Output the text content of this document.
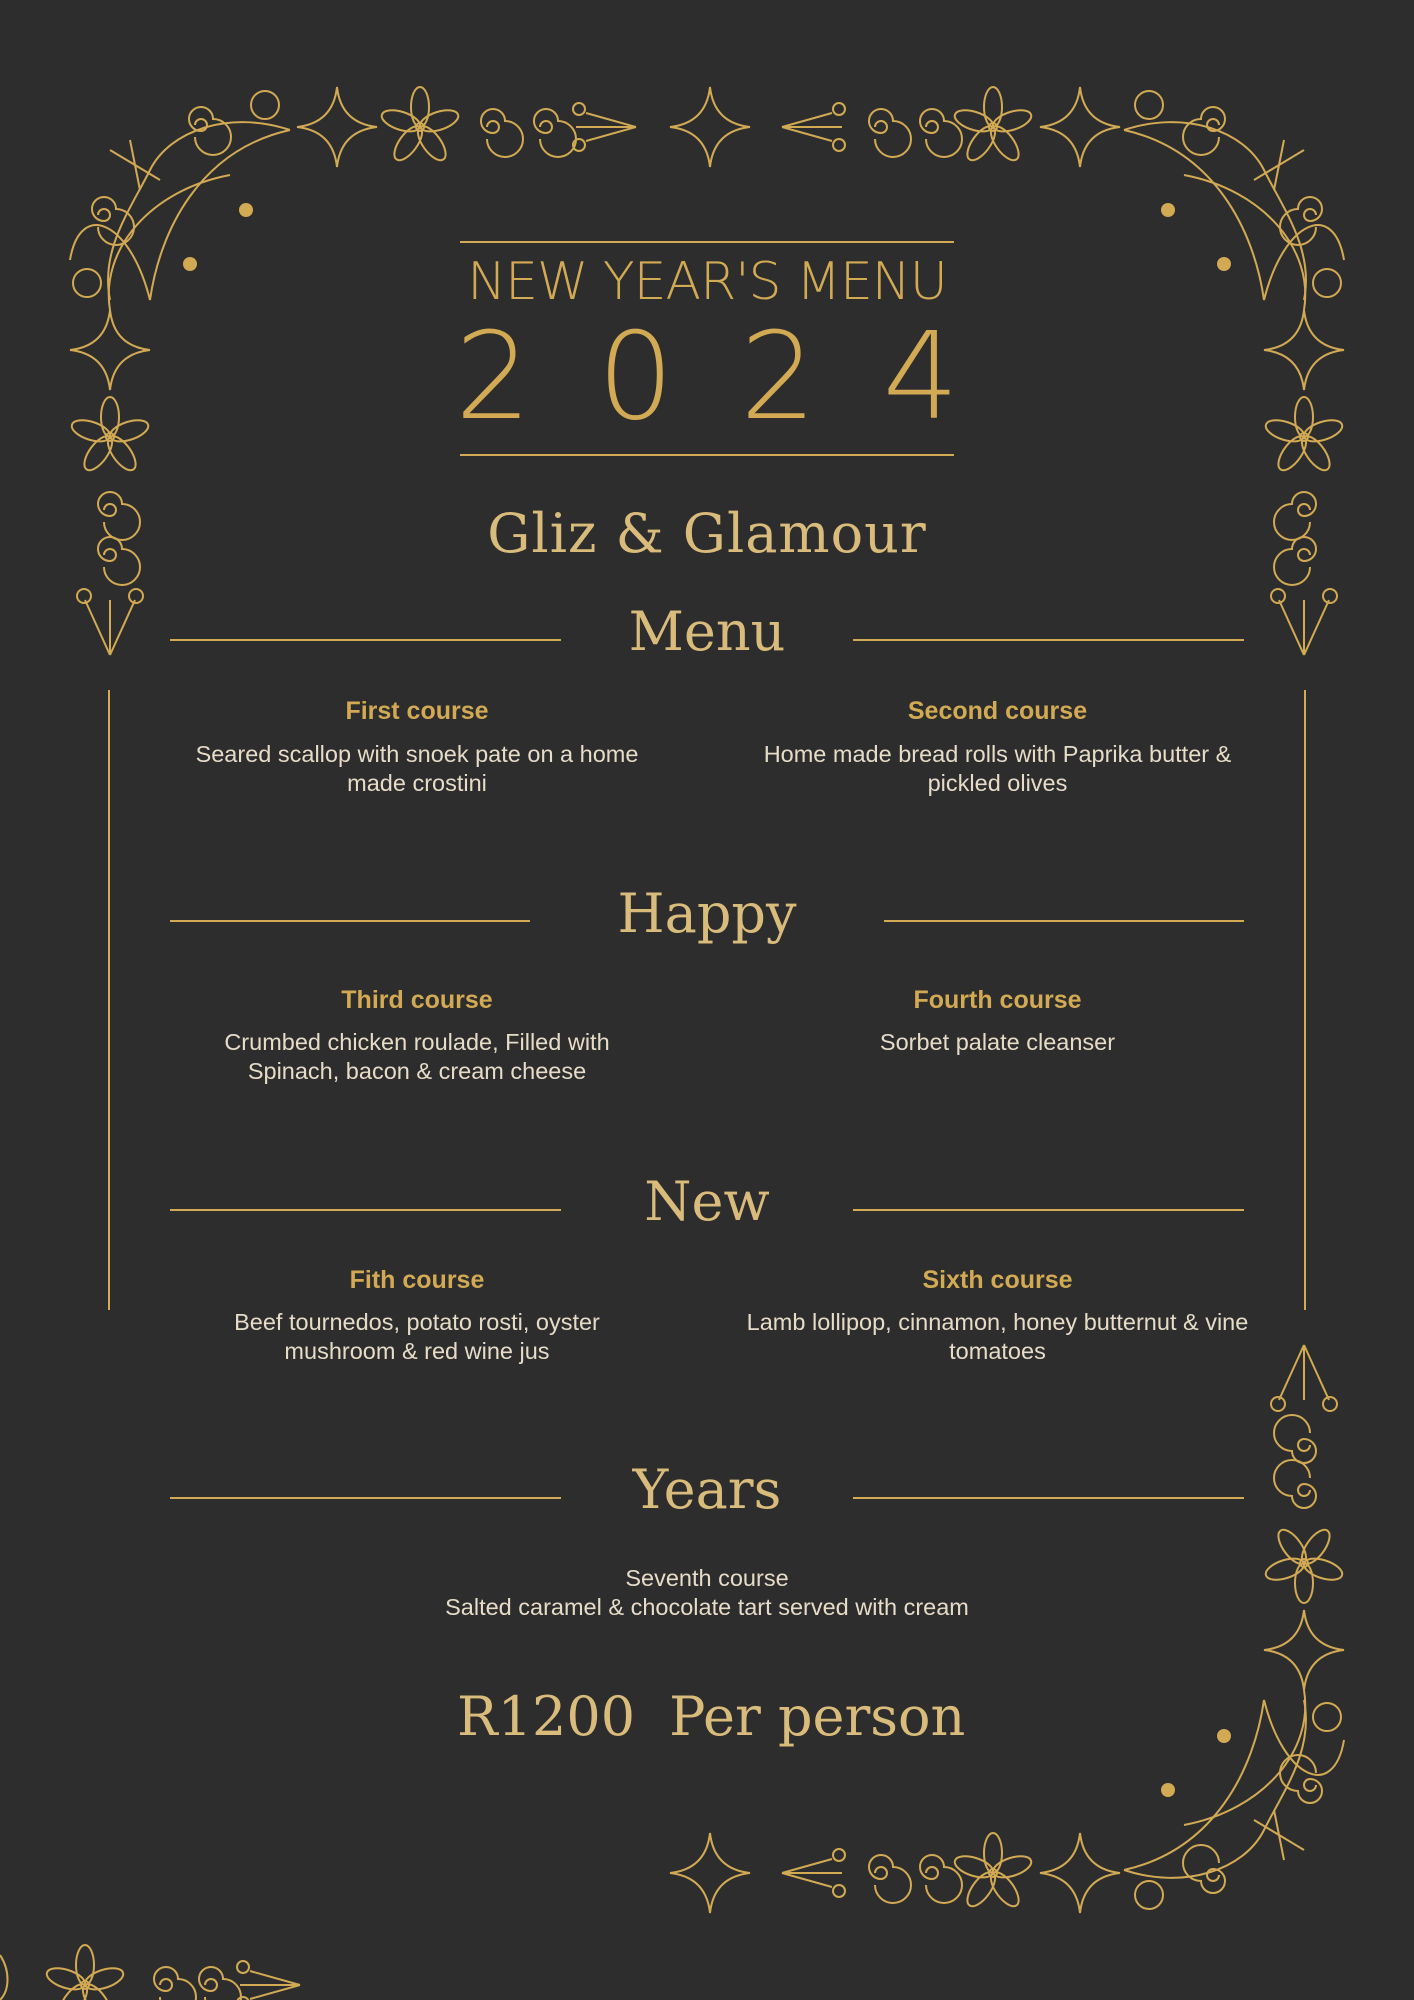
NEW YEAR'S MENU
2 0 2 4
Gliz & Glamour
Menu
First course
Seared scallop with snoek pate on a home made crostini
Second course
Home made bread rolls with Paprika butter & pickled olives
Happy
Third course
Crumbed chicken roulade, Filled with Spinach, bacon & cream cheese
Fourth course
Sorbet palate cleanser
New
Fith course
Beef tournedos, potato rosti, oyster mushroom & red wine jus
Sixth course
Lamb lollipop, cinnamon, honey butternut & vine tomatoes
Years
Seventh course
Salted caramel & chocolate tart served with cream
R1200 Per person
